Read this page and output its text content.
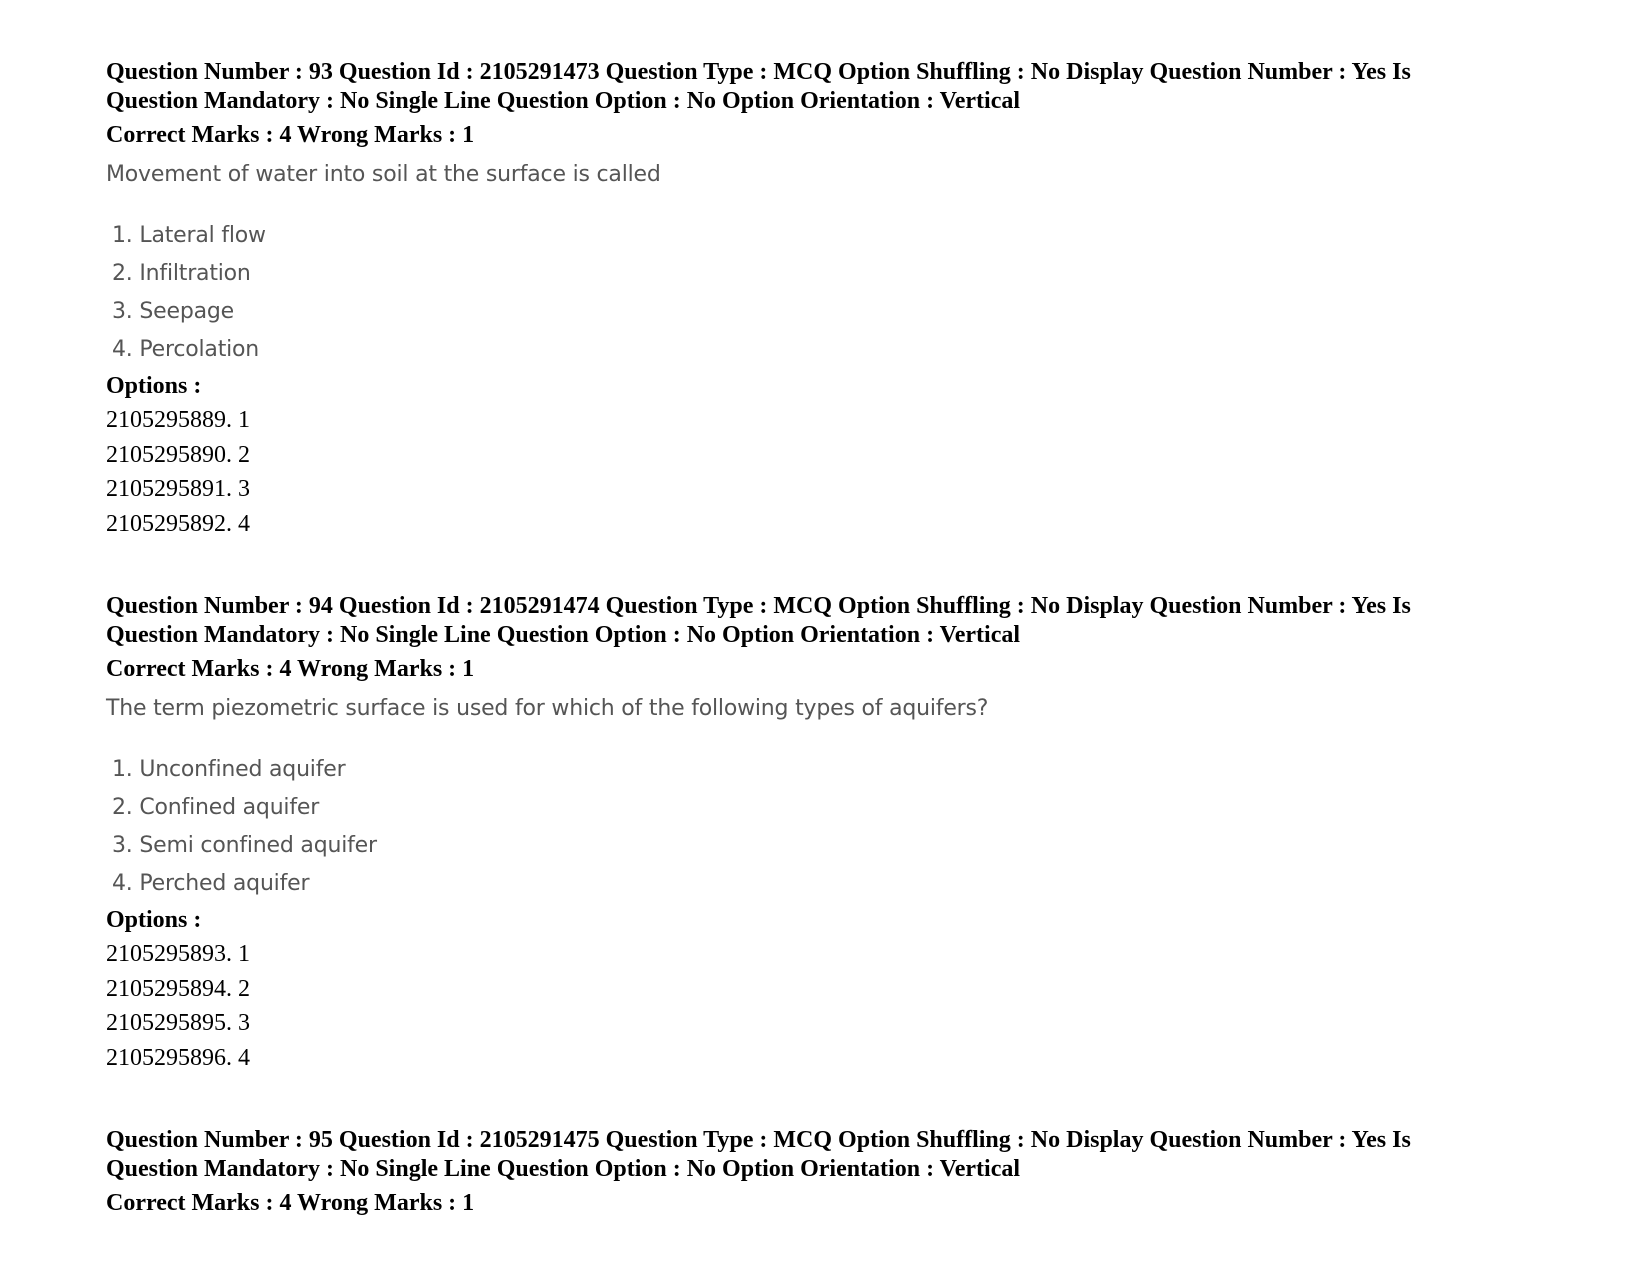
Question Number : 93 Question Id : 2105291473 Question Type : MCQ Option Shuffling : No Display Question Number : Yes Is
Question Mandatory : No Single Line Question Option : No Option Orientation : Vertical
Correct Marks : 4 Wrong Marks : 1
Movement of water into soil at the surface is called
1. Lateral flow
2. Infiltration
3. Seepage
4. Percolation
Options :
2105295889. 1
2105295890. 2
2105295891. 3
2105295892. 4
Question Number : 94 Question Id : 2105291474 Question Type : MCQ Option Shuffling : No Display Question Number : Yes Is
Question Mandatory : No Single Line Question Option : No Option Orientation : Vertical
Correct Marks : 4 Wrong Marks : 1
The term piezometric surface is used for which of the following types of aquifers?
1. Unconfined aquifer
2. Confined aquifer
3. Semi confined aquifer
4. Perched aquifer
Options :
2105295893. 1
2105295894. 2
2105295895. 3
2105295896. 4
Question Number : 95 Question Id : 2105291475 Question Type : MCQ Option Shuffling : No Display Question Number : Yes Is
Question Mandatory : No Single Line Question Option : No Option Orientation : Vertical
Correct Marks : 4 Wrong Marks : 1
